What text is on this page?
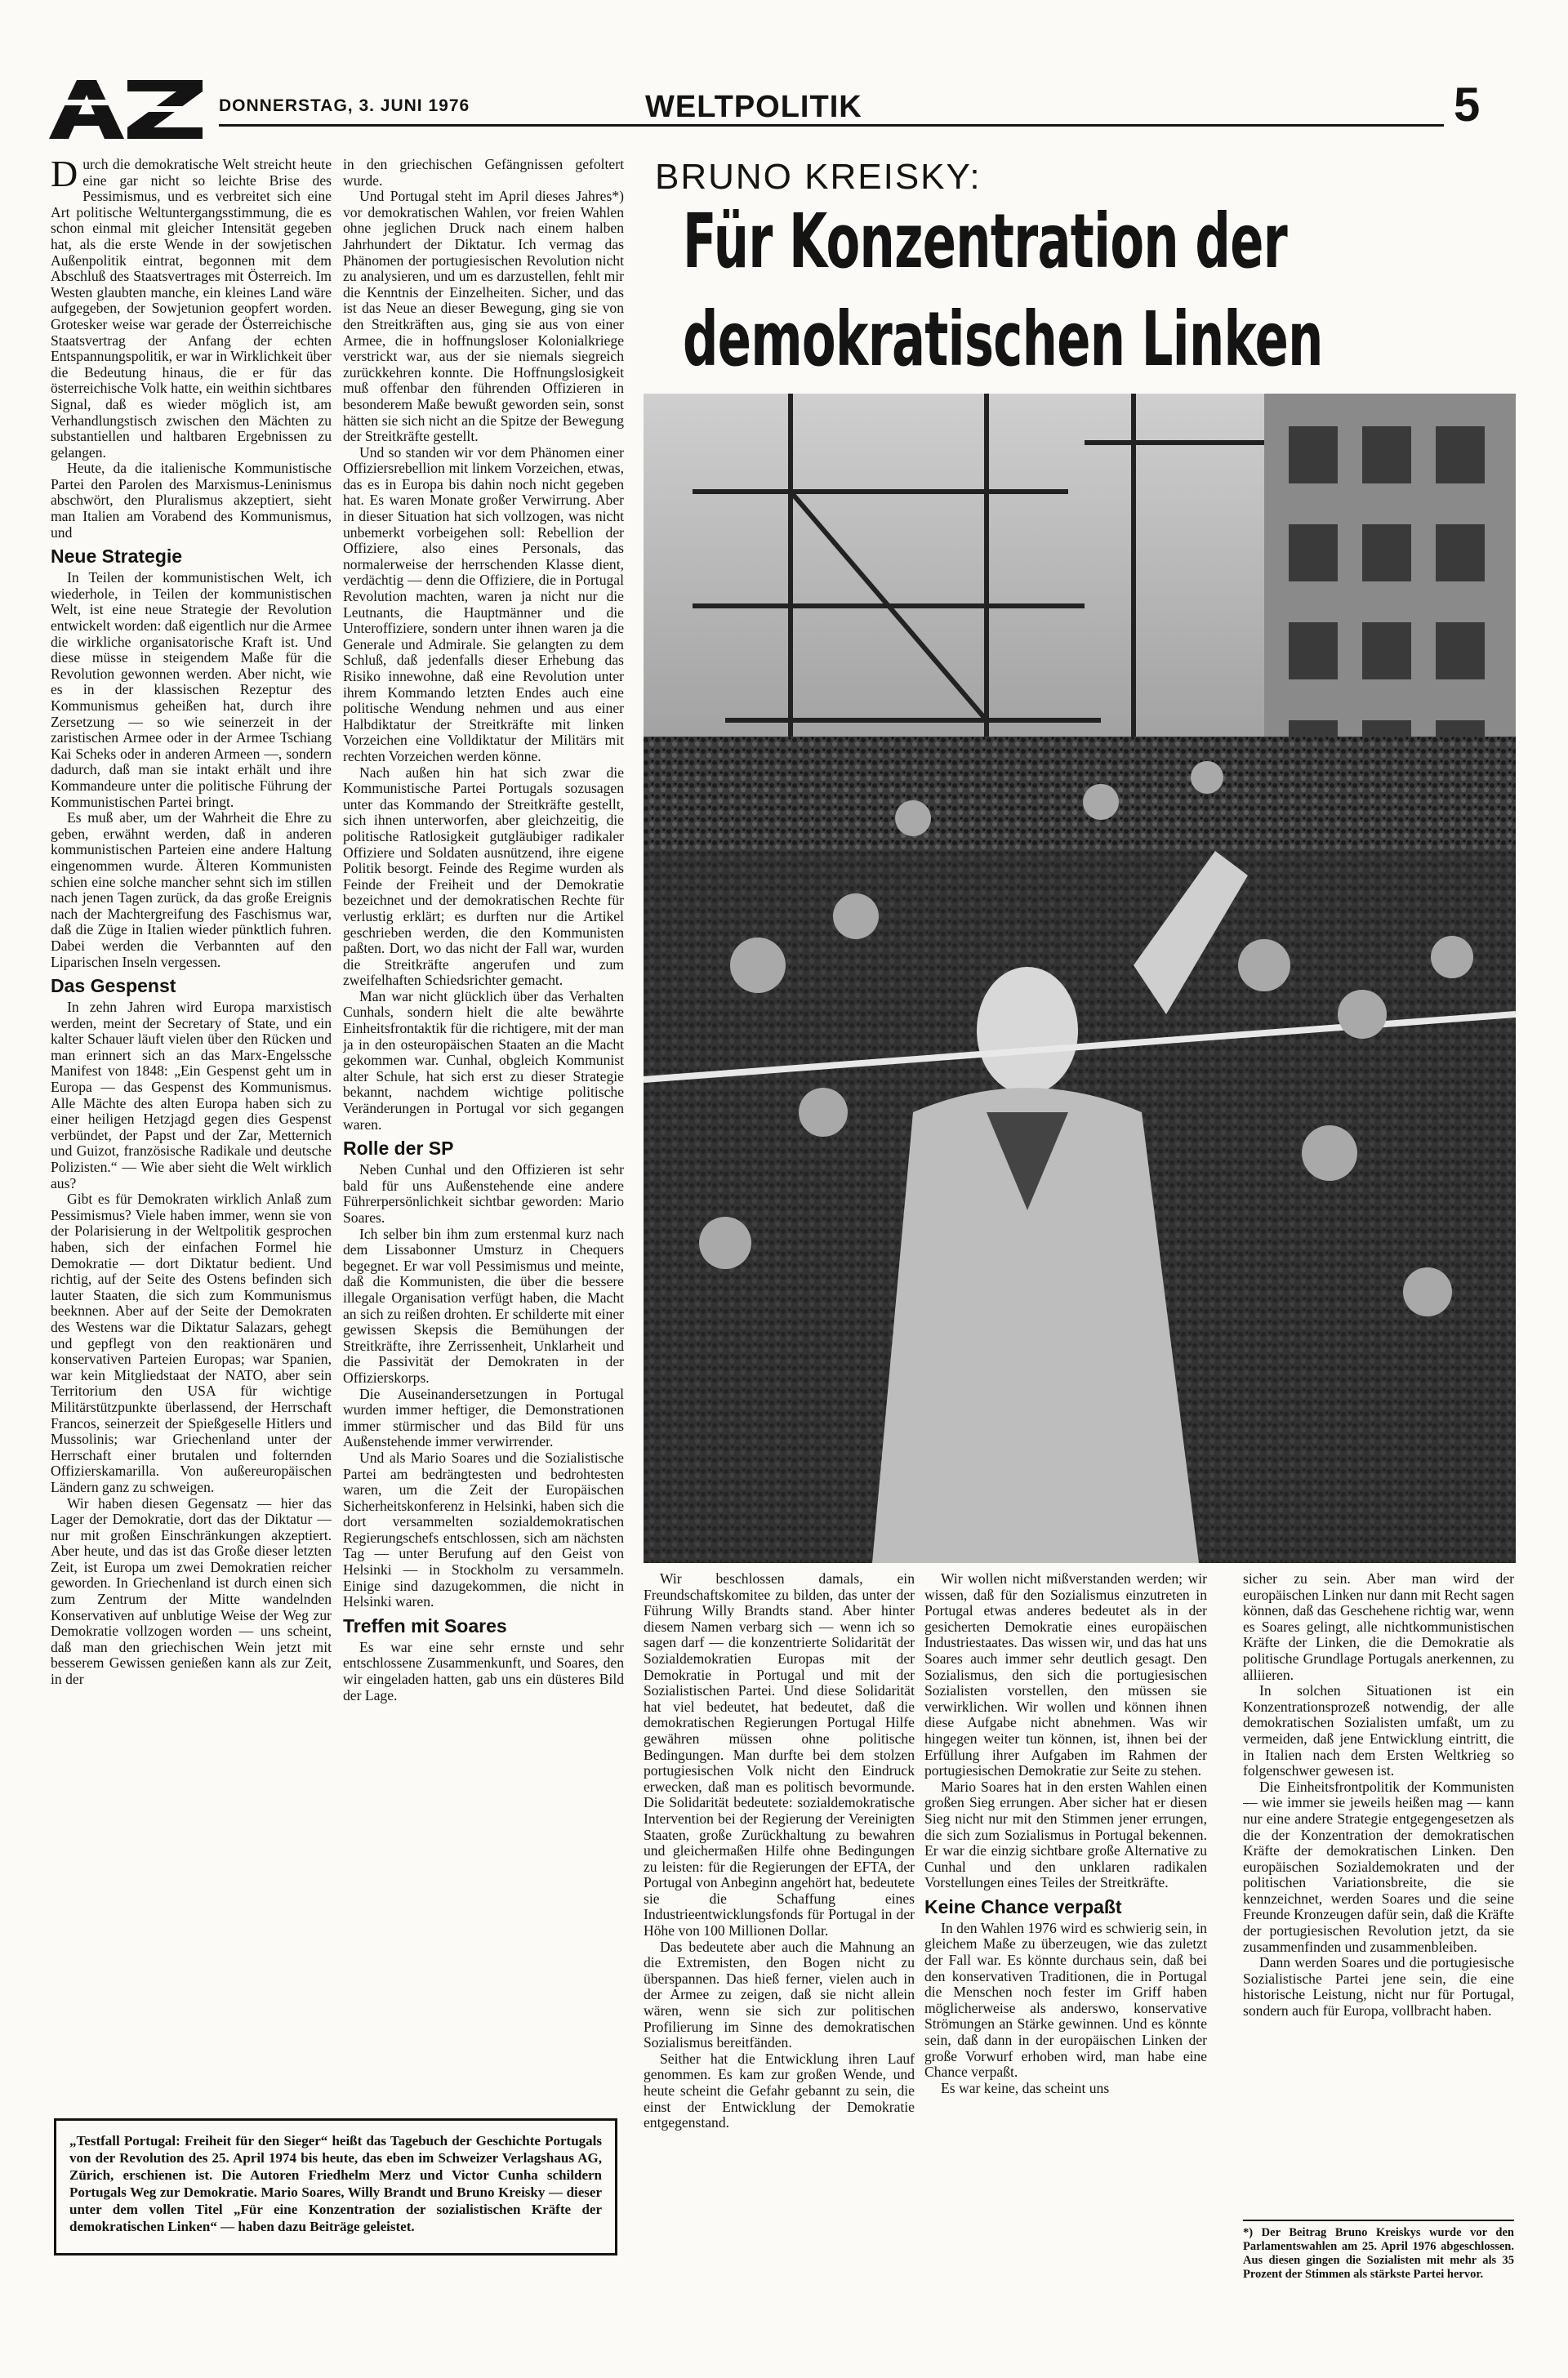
DONNERSTAG, 3. JUNI 1976	WELTPOLITIK	5
BRUNO KREISKY:
Für Konzentration der
demokratischen Linken

Durch die demokratische Welt streicht heute eine gar nicht so leichte Brise des Pessimismus, und es verbreitet sich eine Art politische Weltuntergangsstimmung, die es schon einmal mit gleicher Intensität gegeben hat, als die erste Wende in der sowjetischen Außenpolitik eintrat, begonnen mit dem Abschluß des Staatsvertrages mit Österreich. Im Westen glaubten manche, ein kleines Land wäre aufgegeben, der Sowjetunion geopfert worden. Grotesker weise war gerade der Österreichische Staatsvertrag der Anfang der echten Entspannungspolitik, er war in Wirklichkeit über die Bedeutung hinaus, die er für das österreichische Volk hatte, ein weithin sichtbares Signal, daß es wieder möglich ist, am Verhandlungstisch zwischen den Mächten zu substantiellen und haltbaren Ergebnissen zu gelangen.

Heute, da die italienische Kommunistische Partei den Parolen des Marxismus-Leninismus abschwört, den Pluralismus akzeptiert, sieht man Italien am Vorabend des Kommunismus, und

Neue Strategie

In Teilen der kommunistischen Welt, ich wiederhole, in Teilen der kommunistischen Welt, ist eine neue Strategie der Revolution entwickelt worden: daß eigentlich nur die Armee die wirkliche organisatorische Kraft ist. Und diese müsse in steigendem Maße für die Revolution gewonnen werden. Aber nicht, wie es in der klassischen Rezeptur des Kommunismus geheißen hat, durch ihre Zersetzung — so wie seinerzeit in der zaristischen Armee oder in der Armee Tschiang Kai Scheks oder in anderen Armeen —, sondern dadurch, daß man sie intakt erhält und ihre Kommandeure unter die politische Führung der Kommunistischen Partei bringt.

Es muß aber, um der Wahrheit die Ehre zu geben, erwähnt werden, daß in anderen kommunistischen Parteien eine andere Haltung eingenommen wurde. Älteren Kommunisten schien eine solche mancher sehnt sich im stillen nach jenen Tagen zurück, da das große Ereignis nach der Machtergreifung des Faschismus war, daß die Züge in Italien wieder pünktlich fuhren. Dabei werden die Verbannten auf den Liparischen Inseln vergessen.

Das Gespenst

In zehn Jahren wird Europa marxistisch werden, meint der Secretary of State, und ein kalter Schauer läuft vielen über den Rücken und man erinnert sich an das Marx-Engelssche Manifest von 1848: „Ein Gespenst geht um in Europa — das Gespenst des Kommunismus. Alle Mächte des alten Europa haben sich zu einer heiligen Hetzjagd gegen dies Gespenst verbündet, der Papst und der Zar, Metternich und Guizot, französische Radikale und deutsche Polizisten.“ — Wie aber sieht die Welt wirklich aus?

Gibt es für Demokraten wirklich Anlaß zum Pessimismus? Viele haben immer, wenn sie von der Polarisierung in der Weltpolitik gesprochen haben, sich der einfachen Formel hie Demokratie — dort Diktatur bedient. Und richtig, auf der Seite des Ostens befinden sich lauter Staaten, die sich zum Kommunismus beeknnen. Aber auf der Seite der Demokraten des Westens war die Diktatur Salazars, gehegt und gepflegt von den reaktionären und konservativen Parteien Europas; war Spanien, war kein Mitgliedstaat der NATO, aber sein Territorium den USA für wichtige Militärstützpunkte überlassend, der Herrschaft Francos, seinerzeit der Spießgeselle Hitlers und Mussolinis; war Griechenland unter der Herrschaft einer brutalen und folternden Offizierskamarilla. Von außereuropäischen Ländern ganz zu schweigen.

Wir haben diesen Gegensatz — hier das Lager der Demokratie, dort das der Diktatur — nur mit großen Einschränkungen akzeptiert. Aber heute, und das ist das Große dieser letzten Zeit, ist Europa um zwei Demokratien reicher geworden. In Griechenland ist durch einen sich zum Zentrum der Mitte wandelnden Konservativen auf unblutige Weise der Weg zur Demokratie vollzogen worden — uns scheint, daß man den griechischen Wein jetzt mit besserem Gewissen genießen kann als zur Zeit, in der

in den griechischen Gefängnissen gefoltert wurde.

Und Portugal steht im April dieses Jahres*) vor demokratischen Wahlen, vor freien Wahlen ohne jeglichen Druck nach einem halben Jahrhundert der Diktatur. Ich vermag das Phänomen der portugiesischen Revolution nicht zu analysieren, und um es darzustellen, fehlt mir die Kenntnis der Einzelheiten. Sicher, und das ist das Neue an dieser Bewegung, ging sie von den Streitkräften aus, ging sie aus von einer Armee, die in hoffnungsloser Kolonialkriege verstrickt war, aus der sie niemals siegreich zurückkehren konnte. Die Hoffnungslosigkeit muß offenbar den führenden Offizieren in besonderem Maße bewußt geworden sein, sonst hätten sie sich nicht an die Spitze der Bewegung der Streitkräfte gestellt.

Und so standen wir vor dem Phänomen einer Offiziersrebellion mit linkem Vorzeichen, etwas, das es in Europa bis dahin noch nicht gegeben hat. Es waren Monate großer Verwirrung. Aber in dieser Situation hat sich vollzogen, was nicht unbemerkt vorbeigehen soll: Rebellion der Offiziere, also eines Personals, das normalerweise der herrschenden Klasse dient, verdächtig — denn die Offiziere, die in Portugal Revolution machten, waren ja nicht nur die Leutnants, die Hauptmänner und die Unteroffiziere, sondern unter ihnen waren ja die Generale und Admirale. Sie gelangten zu dem Schluß, daß jedenfalls dieser Erhebung das Risiko innewohne, daß eine Revolution unter ihrem Kommando letzten Endes auch eine politische Wendung nehmen und aus einer Halbdiktatur der Streitkräfte mit linken Vorzeichen eine Volldiktatur der Militärs mit rechten Vorzeichen werden könne.

Nach außen hin hat sich zwar die Kommunistische Partei Portugals sozusagen unter das Kommando der Streitkräfte gestellt, sich ihnen unterworfen, aber gleichzeitig, die politische Ratlosigkeit gutgläubiger radikaler Offiziere und Soldaten ausnützend, ihre eigene Politik besorgt. Feinde des Regime wurden als Feinde der Freiheit und der Demokratie bezeichnet und der demokratischen Rechte für verlustig erklärt; es durften nur die Artikel geschrieben werden, die den Kommunisten paßten. Dort, wo das nicht der Fall war, wurden die Streitkräfte angerufen und zum zweifelhaften Schiedsrichter gemacht.

Man war nicht glücklich über das Verhalten Cunhals, sondern hielt die alte bewährte Einheitsfrontaktik für die richtigere, mit der man ja in den osteuropäischen Staaten an die Macht gekommen war. Cunhal, obgleich Kommunist alter Schule, hat sich erst zu dieser Strategie bekannt, nachdem wichtige politische Veränderungen in Portugal vor sich gegangen waren.

Rolle der SP

Neben Cunhal und den Offizieren ist sehr bald für uns Außenstehende eine andere Führerpersönlichkeit sichtbar geworden: Mario Soares.

Ich selber bin ihm zum erstenmal kurz nach dem Lissabonner Umsturz in Chequers begegnet. Er war voll Pessimismus und meinte, daß die Kommunisten, die über die bessere illegale Organisation verfügt haben, die Macht an sich zu reißen drohten. Er schilderte mit einer gewissen Skepsis die Bemühungen der Streitkräfte, ihre Zerrissenheit, Unklarheit und die Passivität der Demokraten in der Offizierskorps.

Die Auseinandersetzungen in Portugal wurden immer heftiger, die Demonstrationen immer stürmischer und das Bild für uns Außenstehende immer verwirrender.

Und als Mario Soares und die Sozialistische Partei am bedrängtesten und bedrohtesten waren, um die Zeit der Europäischen Sicherheitskonferenz in Helsinki, haben sich die dort versammelten sozialdemokratischen Regierungschefs entschlossen, sich am nächsten Tag — unter Berufung auf den Geist von Helsinki — in Stockholm zu versammeln. Einige sind dazugekommen, die nicht in Helsinki waren.

Treffen mit Soares

Es war eine sehr ernste und sehr entschlossene Zusammenkunft, und Soares, den wir eingeladen hatten, gab uns ein düsteres Bild der Lage.

Wir beschlossen damals, ein Freundschaftskomitee zu bilden, das unter der Führung Willy Brandts stand. Aber hinter diesem Namen verbarg sich — wenn ich so sagen darf — die konzentrierte Solidarität der Sozialdemokratien Europas mit der Demokratie in Portugal und mit der Sozialistischen Partei. Und diese Solidarität hat viel bedeutet, hat bedeutet, daß die demokratischen Regierungen Portugal Hilfe gewähren müssen ohne politische Bedingungen. Man durfte bei dem stolzen portugiesischen Volk nicht den Eindruck erwecken, daß man es politisch bevormunde. Die Solidarität bedeutete: sozialdemokratische Intervention bei der Regierung der Vereinigten Staaten, große Zurückhaltung zu bewahren und gleichermaßen Hilfe ohne Bedingungen zu leisten: für die Regierungen der EFTA, der Portugal von Anbeginn angehört hat, bedeutete sie die Schaffung eines Industrieentwicklungsfonds für Portugal in der Höhe von 100 Millionen Dollar.

Das bedeutete aber auch die Mahnung an die Extremisten, den Bogen nicht zu überspannen. Das hieß ferner, vielen auch in der Armee zu zeigen, daß sie nicht allein wären, wenn sie sich zur politischen Profilierung im Sinne des demokratischen Sozialismus bereitfänden.

Seither hat die Entwicklung ihren Lauf genommen. Es kam zur großen Wende, und heute scheint die Gefahr gebannt zu sein, die einst der Entwicklung der Demokratie entgegenstand.

Wir wollen nicht mißverstanden werden; wir wissen, daß für den Sozialismus einzutreten in Portugal etwas anderes bedeutet als in der gesicherten Demokratie eines europäischen Industriestaates. Das wissen wir, und das hat uns Soares auch immer sehr deutlich gesagt. Den Sozialismus, den sich die portugiesischen Sozialisten vorstellen, den müssen sie verwirklichen. Wir wollen und können ihnen diese Aufgabe nicht abnehmen. Was wir hingegen weiter tun können, ist, ihnen bei der Erfüllung ihrer Aufgaben im Rahmen der portugiesischen Demokratie zur Seite zu stehen.

Mario Soares hat in den ersten Wahlen einen großen Sieg errungen. Aber sicher hat er diesen Sieg nicht nur mit den Stimmen jener errungen, die sich zum Sozialismus in Portugal bekennen. Er war die einzig sichtbare große Alternative zu Cunhal und den unklaren radikalen Vorstellungen eines Teiles der Streitkräfte.

Keine Chance verpaßt

In den Wahlen 1976 wird es schwierig sein, in gleichem Maße zu überzeugen, wie das zuletzt der Fall war. Es könnte durchaus sein, daß bei den konservativen Traditionen, die in Portugal die Menschen noch fester im Griff haben möglicherweise als anderswo, konservative Strömungen an Stärke gewinnen. Und es könnte sein, daß dann in der europäischen Linken der große Vorwurf erhoben wird, man habe eine Chance verpaßt.

Es war keine, das scheint uns

sicher zu sein. Aber man wird der europäischen Linken nur dann mit Recht sagen können, daß das Geschehene richtig war, wenn es Soares gelingt, alle nichtkommunistischen Kräfte der Linken, die die Demokratie als politische Grundlage Portugals anerkennen, zu alliieren.

In solchen Situationen ist ein Konzentrationsprozeß notwendig, der alle demokratischen Sozialisten umfaßt, um zu vermeiden, daß jene Entwicklung eintritt, die in Italien nach dem Ersten Weltkrieg so folgenschwer gewesen ist.

Die Einheitsfrontpolitik der Kommunisten — wie immer sie jeweils heißen mag — kann nur eine andere Strategie entgegengesetzen als die der Konzentration der demokratischen Kräfte der demokratischen Linken. Den europäischen Sozialdemokraten und der politischen Variationsbreite, die sie kennzeichnet, werden Soares und die seine Freunde Kronzeugen dafür sein, daß die Kräfte der portugiesischen Revolution jetzt, da sie zusammenfinden und zusammenbleiben.

Dann werden Soares und die portugiesische Sozialistische Partei jene sein, die eine historische Leistung, nicht nur für Portugal, sondern auch für Europa, vollbracht haben.

„Testfall Portugal: Freiheit für den Sieger“ heißt das Tagebuch der Geschichte Portugals von der Revolution des 25. April 1974 bis heute, das eben im Schweizer Verlagshaus AG, Zürich, erschienen ist. Die Autoren Friedhelm Merz und Victor Cunha schildern Portugals Weg zur Demokratie. Mario Soares, Willy Brandt und Bruno Kreisky — dieser unter dem vollen Titel „Für eine Konzentration der sozialistischen Kräfte der demokratischen Linken“ — haben dazu Beiträge geleistet.	*) Der Beitrag Bruno Kreiskys wurde vor den Parlamentswahlen am 25. April 1976 abgeschlossen. Aus diesen gingen die Sozialisten mit mehr als 35 Prozent der Stimmen als stärkste Partei hervor.
